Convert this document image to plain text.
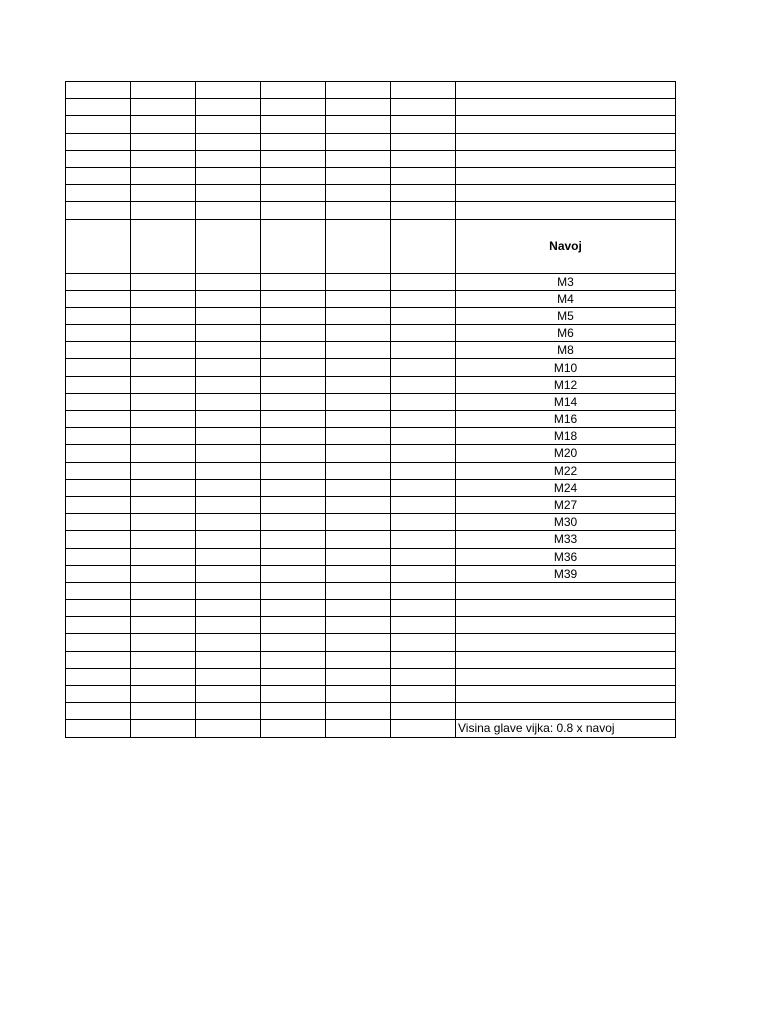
						Navoj
						M3
						M4
						M5
						M6
						M8
						M10
						M12
						M14
						M16
						M18
						M20
						M22
						M24
						M27
						M30
						M33
						M36
						M39

						Visina glave vijka: 0.8 x navoj
